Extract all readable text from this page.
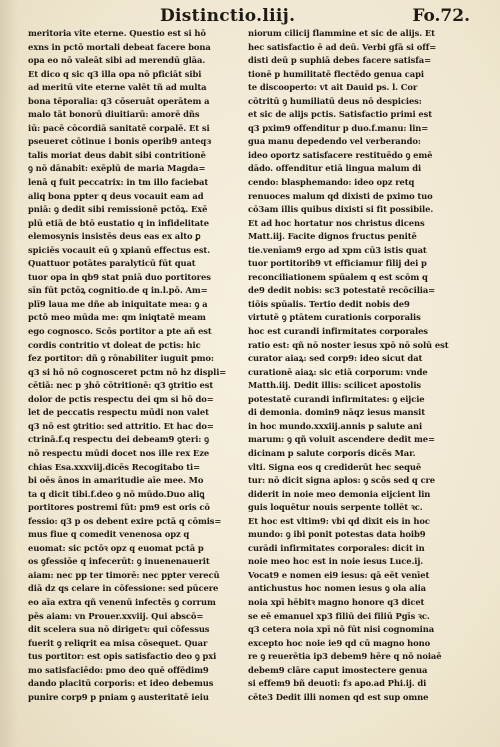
Distinctio.liij.	Fo.72.
meritoria vite eterne. Questio est si hō
exns in pctō mortali debeat facere bona
opa eo nō valeāt sibi ad merendū glāa.
Et dico q sic q3 illa opa nō pficiāt sibi
ad meritū vite eterne valēt tñ ad multa
bona tēporalia: q3 cōseruāt operātem a
malo tāt bonorū diuitiarū: amorē dñs
iū: pacē cōcordiā sanitatē corpalē. Et si
pseueret cōtinue i bonis operib9 anteqз
talis moriat deus dabit sibi contritionē
ꝯ nō dānabit: exēplū de maria Magda=
lenā q fuit peccatrix: in tm illo faciebat
aliq bona ppter q deus vocauit eam ad
pniā: ꝯ dedit sibi remissionē pctōꝝ. Exē
plū etiā de btō eustatio q in infidelitate
elemosynis insistēs deus eas ex alto ꝑ
spiciēs vocauit eū ꝯ xpianū effectus est.
Quattuor potātes paralyticū fūt quat
tuor opa in qb9 stat pniā duo portitores
sīn fūt pctōꝝ cognitio.de q in.l.pō. Am=
plī9 laua me dñe ab iniquitate mea: ꝯ a
pctō meo mūda me: qm iniqtatē meam
ego cognosco. Scōs portitor a pte aň est
cordis contritio vt doleat de pctis: hic
fez portitor: dñ ꝯ rōnabiliter iuguit pmo:
q3 si hō nō cognosceret pctm nō hz displi=
cētiā: nec p ȝhō cōtritionē: q3 ꝯtritio est
dolor de pctis respectu dei qm si hō do=
let de peccatis respectu mūdi non valet
q3 nō est ꝯtritio: sed attritio. Et hac do=
ctrinā.f.q respectu dei debeam9 ꝯteri: ꝯ
nō respectu mūdi docet nos ille rex Eze
chias Esa.xxxviij.dicēs Recogitabo ti=
bi oēs ānos in amaritudie aīe mee. Mo
ta q dicit tibi.f.deo ꝯ nō mūdo.Duo aliꝗ
portitores postremi fūt: pm9 est oris cō
fessio: q3 p os debent exire pctā q cōmis=
mus fiue q comedit venenosa opz q
euomat: sic pctōꝛ opz q euomat pctā p
os ꝯfessiōe q infecerūt: ꝯ inuenenauerit
aiam: nec pp ter timorē: nec ppter verecū
diā dz qs celare in cōfessione: sed pūcere
eo aīa extra qñ venenū infectēs ꝯ corrum
pēs aiam: vn Prouer.xxviij. Qui abscō=
dit scelera sua nō dirigetꝛ: qui cōfessus
fuerit ꝯ reliqrit ea misa cōsequet. Quar
tus portitor: est opis satisfactio deo ꝯ pxi
mo satisfaciēdo: pmo deo quē offēdim9
dando placitū corporis: et ideo debemus
punire corp9 p pniam ꝯ austeritatē ieiu
niorum cilicij flammine et sic de alijs. Et
hec satisfactio ē ad deū. Verbi gfā si off=
disti deū p suphiā debes facere satisfa=
tionē p humilitatē flectēdo genua capi
te discooperto: vt ait Dauid ps. l. Cor
cōtritū ꝯ humiliatū deus nō despicies:
et sic de alijs pctis. Satisfactio primi est
q3 pxim9 offenditur p duo.f.manu: lin=
gua manu depedendo vel verberando:
ideo oportz satisfacere restituēdo ꝯ emē
dādo. offenditur etiā lingua malum di
cendo: blasphemando: ideo opz retq
renuoces malum qd dixisti de pximo tuo
cō3am illis quibus dixisti si fit possibile.
Et ad hoc hortatur nos christus dicens
Matt.iij. Facite dignos fructus penitē
tie.venīam9 ergo ad xpm cū3 istis quat
tuor portitorib9 vt efficiamur filij dei p
reconciliationem spūalem q est scōm q
de9 dedit nobis: sc3 potestatē recōcilia=
tiōis spūalis. Tertio dedit nobis de9
virtutē ꝯ ptātem curationis corporalis
hoc est curandi infirmitates corporales
ratio est: qñ nō noster iesus xpō nō solū est
curator aiaꝝ: sed corp9: ideo sicut dat
curationē aiaꝝ: sic etiā corporum: vnde
Matth.iij. Dedit illis: scilicet apostolis
potestatē curandi infirmitates: ꝯ eijcie
di demonia. domin9 nāqz iesus mansit
in hoc mundo.xxxiij.annis p salute ani
marum: ꝯ qñ voluit ascendere dedit me=
dicinam p salute corporis dicēs Mar.
vlti. Signa eos q crediderūt hec sequē
tur: nō dicit signa aplos: ꝯ scōs sed q cre
diderit in noie meo demonia eijcient lin
guis loquētur nouis serpente tollēt ꝛc.
Et hoc est vltim9: vbi qd dixit eis in hoc
mundo: ꝯ ibi ponit potestas data hoib9
curādi infirmitates corporales: dicit in
noie meo hoc est in noie iesus Luce.ij.
Vocat9 e nomen ei9 iesus: qā eēt venīet
antichustus hoc nomen iesus ꝯ ola alia
noia xpī hēbitꝛ magno honore q3 dicet
se eē emanuel xp3 filiū dei filiū Pgīs ꝛc.
q3 cetera noia xpī nō fūt nisi cognomina
excepto hoc noie ie9 qd cū magno hono
re ꝯ reuerētia ip3 debem9 hēre q nō noiaē
debem9 clāre caput imostectere genua
si effem9 bñ deuoti: fз apo.ad Phi.ij. di
cēte3 Dedit illi nomen qd est sup omne
